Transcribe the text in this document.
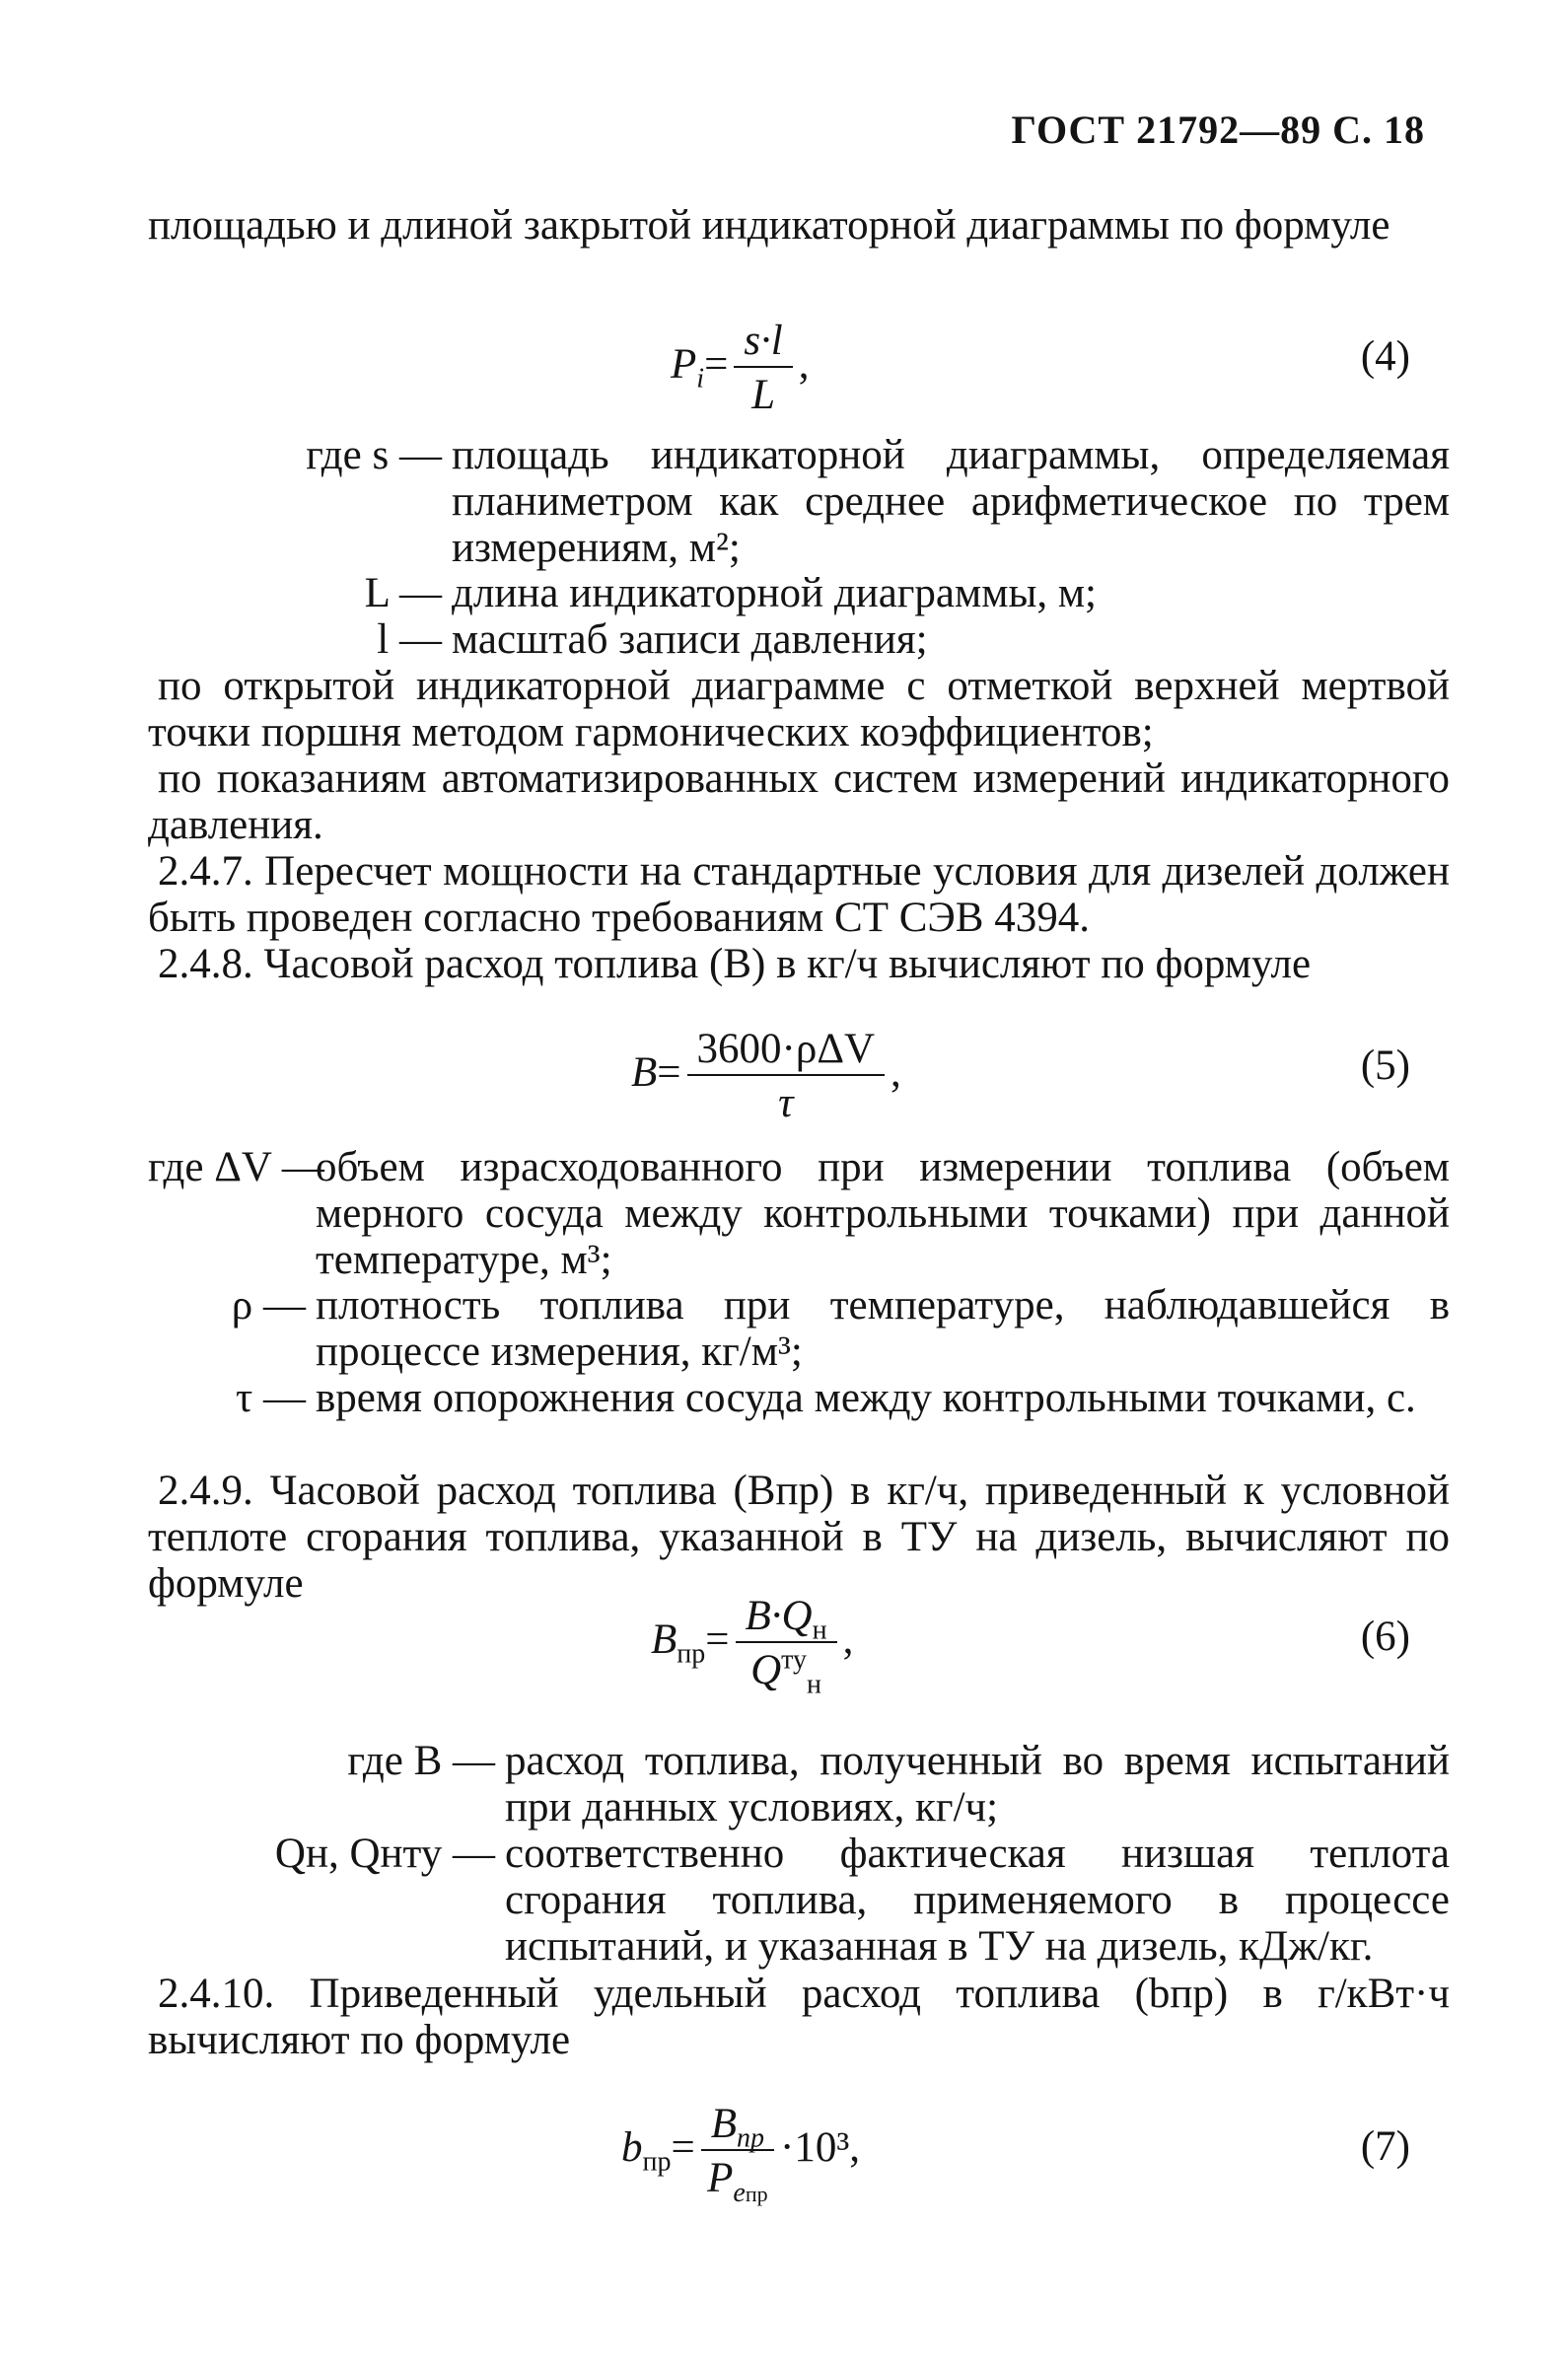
ГОСТ 21792—89 С. 18

площадью и длиной закрытой индикаторной диаграммы по формуле

$P_i= \frac{s\cdot l}{L}$ ,	(4)
где s — площадь индикаторной диаграммы, определяемая планиметром как среднее арифметическое по трем измерениям, м²;
L — длина индикаторной диаграммы, м;
l — масштаб записи давления;

по открытой индикаторной диаграмме с отметкой верхней мертвой точки поршня методом гармонических коэффициентов;

по показаниям автоматизированных систем измерений индикаторного давления.

2.4.7. Пересчет мощности на стандартные условия для дизелей должен быть проведен согласно требованиям СТ СЭВ 4394.

2.4.8. Часовой расход топлива (B) в кг/ч вычисляют по формуле

$B= \frac{\text{3600·ρΔV}}{\tau}$ ,	(5)
где ΔV —
объем израсходованного при измерении топлива (объем мерного сосуда между контрольными точками) при данной температуре, м³;
ρ — плотность топлива при температуре, наблюдавшейся в процессе измерения, кг/м³;
τ — время опорожнения сосуда между контрольными точками, с.

2.4.9. Часовой расход топлива (Bпр) в кг/ч, приведенный к условной теплоте сгорания топлива, указанной в ТУ на дизель, вычисляют по формуле

$B_{пр}= \frac{B\cdot Q_н}{Q^{ту}_н}$ ,	(6)
где B — расход топлива, полученный во время испытаний при данных условиях, кг/ч;
Qн, Qнту — соответственно фактическая низшая теплота сгорания топлива, применяемого в процессе испытаний, и указанная в ТУ на дизель, кДж/кг.

2.4.10. Приведенный удельный расход топлива (bпр) в г/кВт·ч вычисляют по формуле

$b_{пр}= \frac{B_{пр}}{P_{eпр}} \cdot 10^3$,	(7)
